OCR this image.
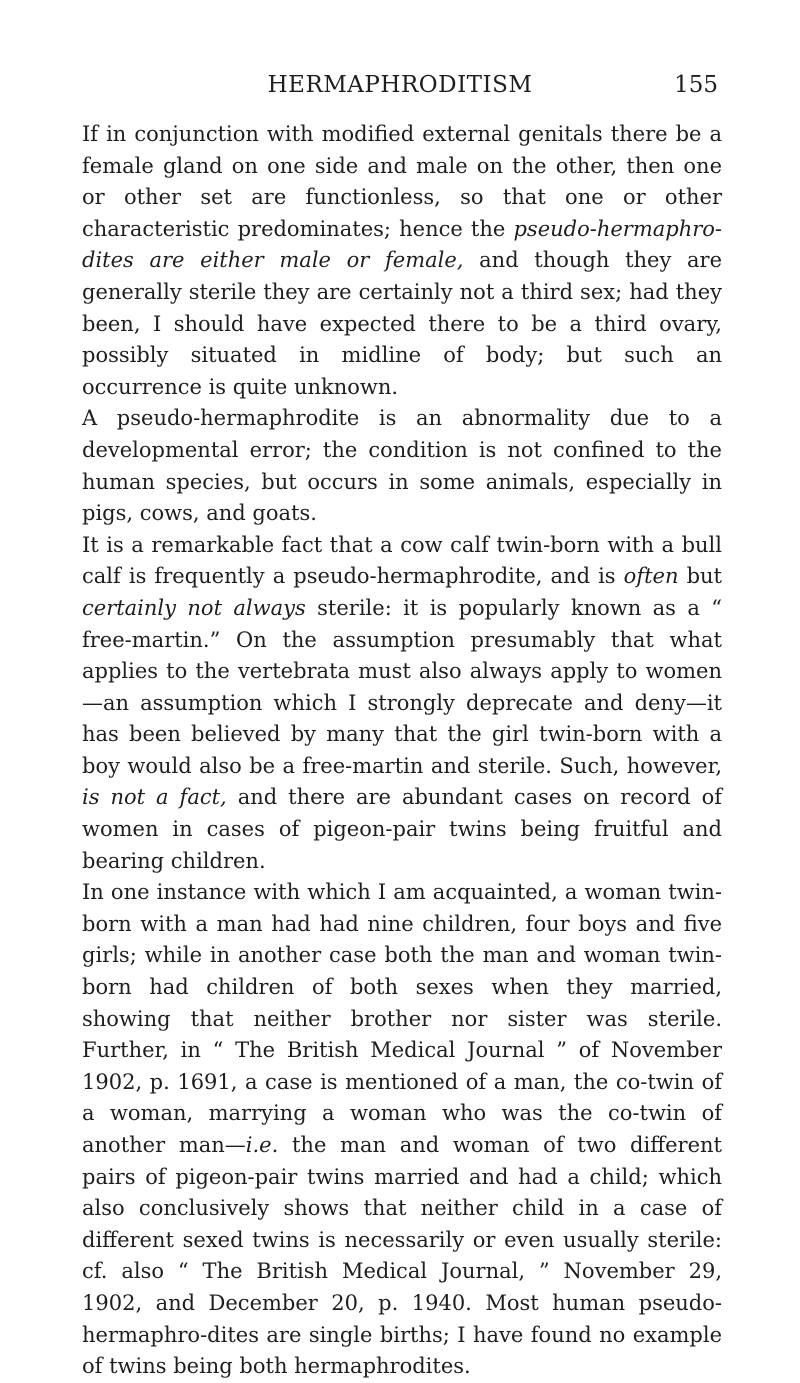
HERMAPHRODITISM	155

If in conjunction with modified external genitals there be a female gland on one side and male on the other, then one or other set are functionless, so that one or other characteristic predominates; hence the pseudo-hermaphro-dites are either male or female, and though they are generally sterile they are certainly not a third sex; had they been, I should have expected there to be a third ovary, possibly situated in midline of body; but such an occurrence is quite unknown.

A pseudo-hermaphrodite is an abnormality due to a developmental error; the condition is not confined to the human species, but occurs in some animals, especially in pigs, cows, and goats.

It is a remarkable fact that a cow calf twin-born with a bull calf is frequently a pseudo-hermaphrodite, and is often but certainly not always sterile: it is popularly known as a “ free-martin.” On the assumption presumably that what applies to the vertebrata must also always apply to women—an assumption which I strongly deprecate and deny—it has been believed by many that the girl twin-born with a boy would also be a free-martin and sterile. Such, however, is not a fact, and there are abundant cases on record of women in cases of pigeon-pair twins being fruitful and bearing children.

In one instance with which I am acquainted, a woman twin-born with a man had had nine children, four boys and five girls; while in another case both the man and woman twin-born had children of both sexes when they married, showing that neither brother nor sister was sterile. Further, in “ The British Medical Journal ” of November 1902, p. 1691, a case is mentioned of a man, the co-twin of a woman, marrying a woman who was the co-twin of another man—i.e. the man and woman of two different pairs of pigeon-pair twins married and had a child; which also conclusively shows that neither child in a case of different sexed twins is necessarily or even usually sterile: cf. also “ The British Medical Journal, ” November 29, 1902, and December 20, p. 1940. Most human pseudo-hermaphro-dites are single births; I have found no example of twins being both hermaphrodites.
